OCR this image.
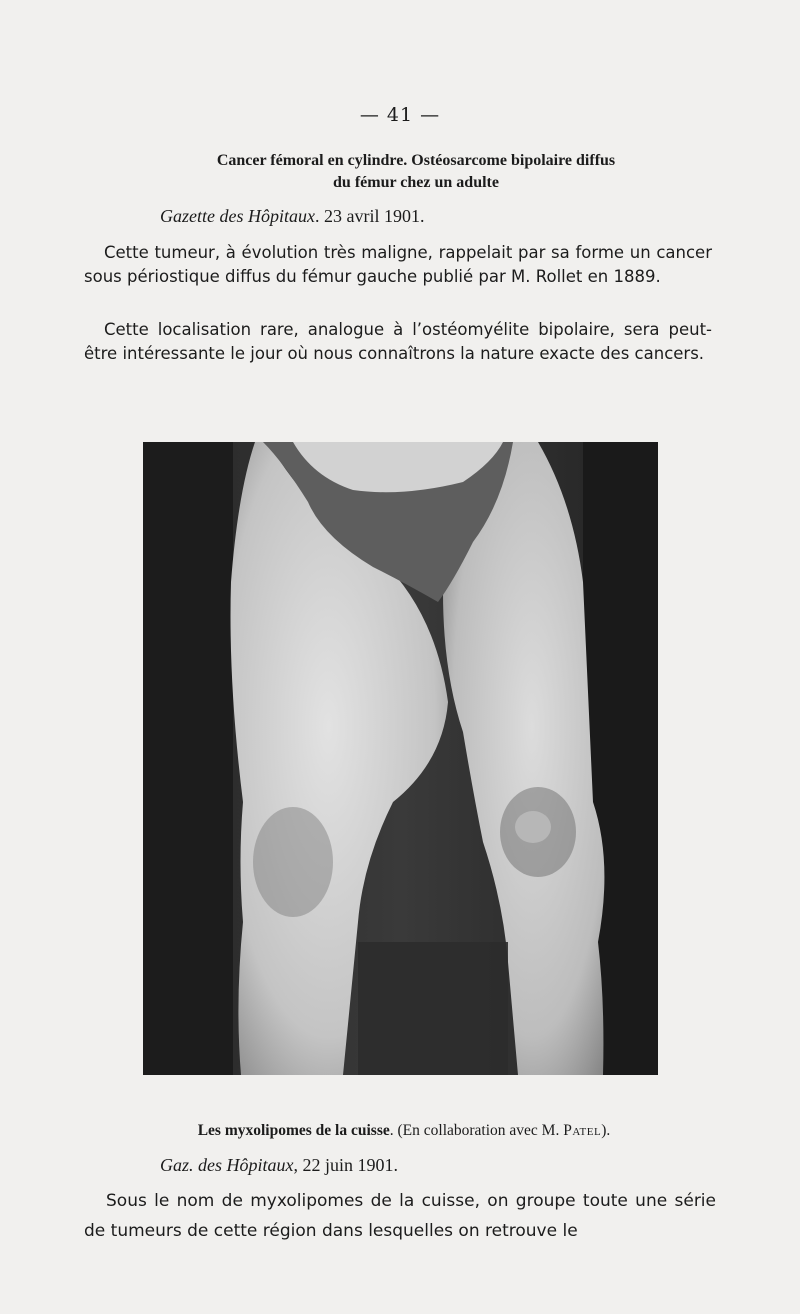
— 41 —
Cancer fémoral en cylindre. Ostéosarcome bipolaire diffus
du fémur chez un adulte
Gazette des Hôpitaux. 23 avril 1901.
Cette tumeur, à évolution très maligne, rappelait par sa forme un cancer sous périostique diffus du fémur gauche publié par M. Rollet en 1889.
Cette localisation rare, analogue à l’ostéomyélite bipolaire, sera peut-être intéressante le jour où nous connaîtrons la nature exacte des cancers.
Les myxolipomes de la cuisse. (En collaboration avec M. Patel).
Gaz. des Hôpitaux, 22 juin 1901.
Sous le nom de myxolipomes de la cuisse, on groupe toute une série de tumeurs de cette région dans lesquelles on retrouve le
